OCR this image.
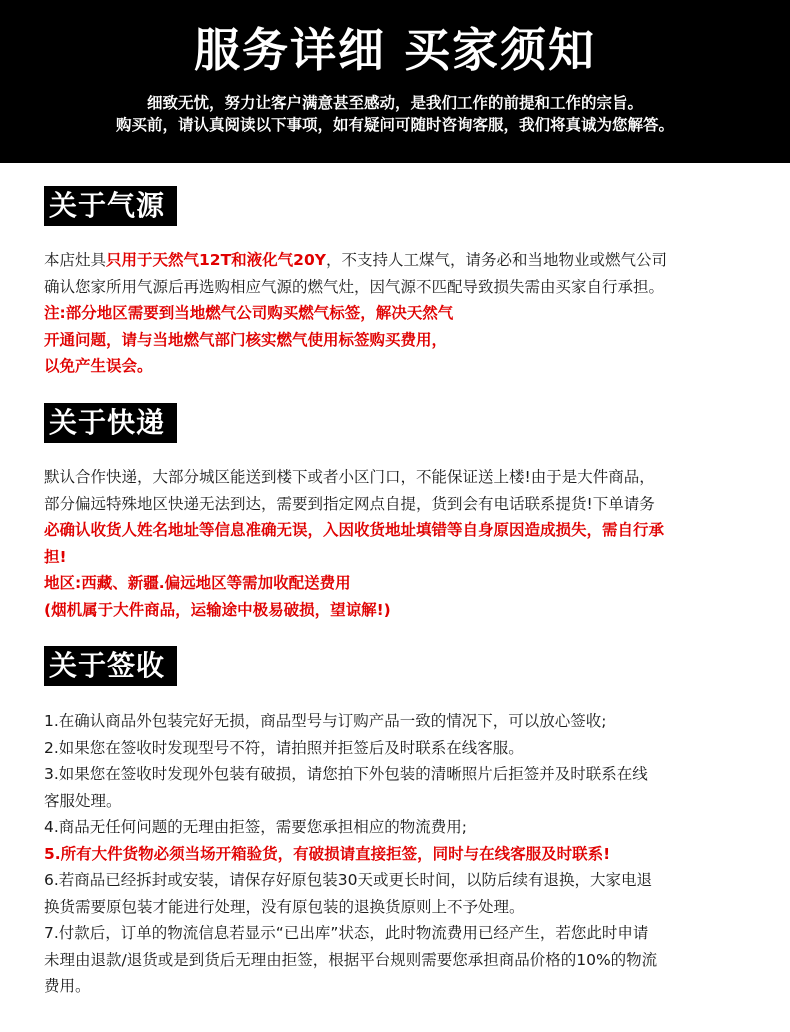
服务详细 买家须知
细致无忧，努力让客户满意甚至感动，是我们工作的前提和工作的宗旨。
购买前，请认真阅读以下事项，如有疑问可随时咨询客服，我们将真诚为您解答。
关于气源
本店灶具只用于天然气12T和液化气20Y，不支持人工煤气，请务必和当地物业或燃气公司
确认您家所用气源后再选购相应气源的燃气灶，因气源不匹配导致损失需由买家自行承担。
注:部分地区需要到当地燃气公司购买燃气标签，解决天然气
开通问题，请与当地燃气部门核实燃气使用标签购买费用，
以免产生误会。
关于快递
默认合作快递，大部分城区能送到楼下或者小区门口，不能保证送上楼!由于是大件商品，
部分偏远特殊地区快递无法到达，需要到指定网点自提，货到会有电话联系提货!下单请务
必确认收货人姓名地址等信息准确无误，入因收货地址填错等自身原因造成损失，需自行承
担!
地区:西藏、新疆.偏远地区等需加收配送费用
(烟机属于大件商品，运输途中极易破损，望谅解!)
关于签收
1.在确认商品外包装完好无损，商品型号与订购产品一致的情况下，可以放心签收;
2.如果您在签收时发现型号不符，请拍照并拒签后及时联系在线客服。
3.如果您在签收时发现外包装有破损，请您拍下外包装的清晰照片后拒签并及时联系在线
客服处理。
4.商品无任何问题的无理由拒签，需要您承担相应的物流费用;
5.所有大件货物必须当场开箱验货，有破损请直接拒签，同时与在线客服及时联系!
6.若商品已经拆封或安装，请保存好原包装30天或更长时间，以防后续有退换，大家电退
换货需要原包装才能进行处理，没有原包装的退换货原则上不予处理。
7.付款后，订单的物流信息若显示“已出库”状态，此时物流费用已经产生，若您此时申请
未理由退款/退货或是到货后无理由拒签，根据平台规则需要您承担商品价格的10%的物流
费用。
